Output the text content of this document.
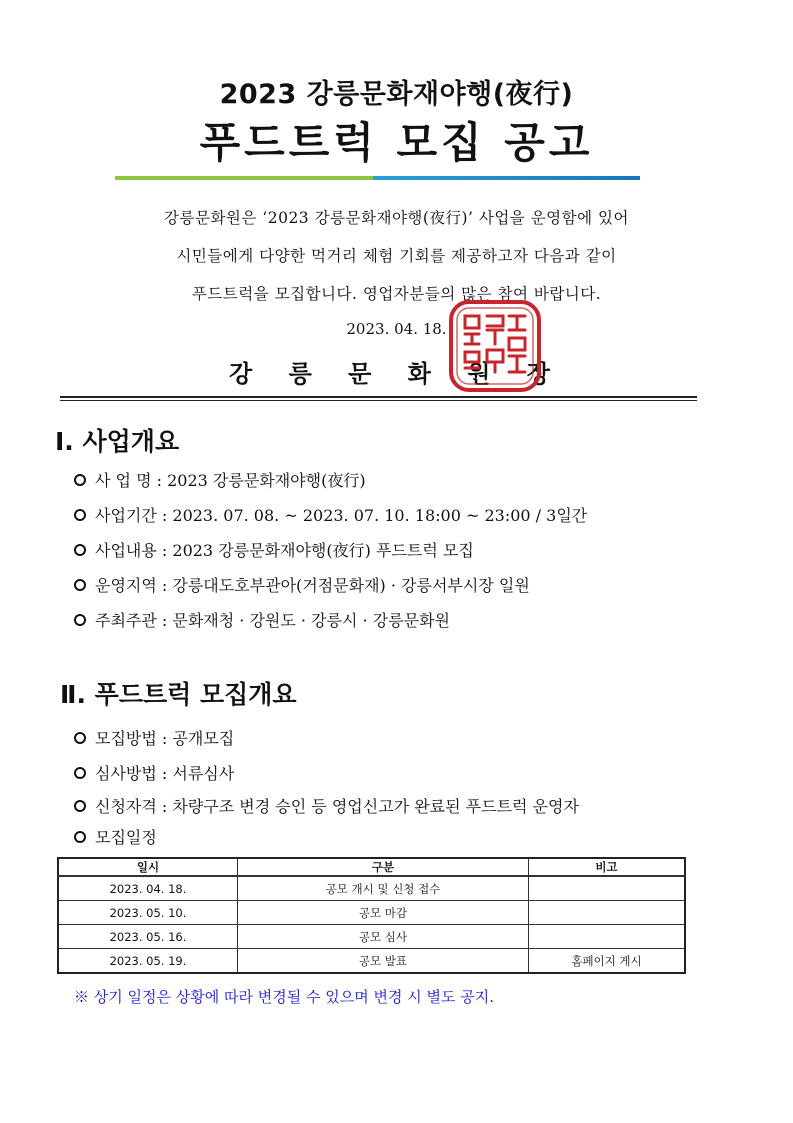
2023 강릉문화재야행(夜行)
푸드트럭 모집 공고
강릉문화원은 ‘2023 강릉문화재야행(夜行)’ 사업을 운영함에 있어
시민들에게 다양한 먹거리 체험 기회를 제공하고자 다음과 같이
푸드트럭을 모집합니다. 영업자분들의 많은 참여 바랍니다.
2023. 04. 18.
강 릉 문 화 원 장
Ⅰ. 사업개요
사 업 명 : 2023 강릉문화재야행(夜行)
사업기간 : 2023. 07. 08. ~ 2023. 07. 10. 18:00 ~ 23:00 / 3일간
사업내용 : 2023 강릉문화재야행(夜行) 푸드트럭 모집
운영지역 : 강릉대도호부관아(거점문화재) · 강릉서부시장 일원
주최주관 : 문화재청 · 강원도 · 강릉시 · 강릉문화원
Ⅱ. 푸드트럭 모집개요
모집방법 : 공개모집
심사방법 : 서류심사
신청자격 : 차량구조 변경 승인 등 영업신고가 완료된 푸드트럭 운영자
모집일정
일시	구분	비고
2023. 04. 18.	공모 개시 및 신청 접수	
2023. 05. 10.	공모 마감	
2023. 05. 16.	공모 심사	
2023. 05. 19.	공모 발표	홈페이지 게시
※ 상기 일정은 상황에 따라 변경될 수 있으며 변경 시 별도 공지.
